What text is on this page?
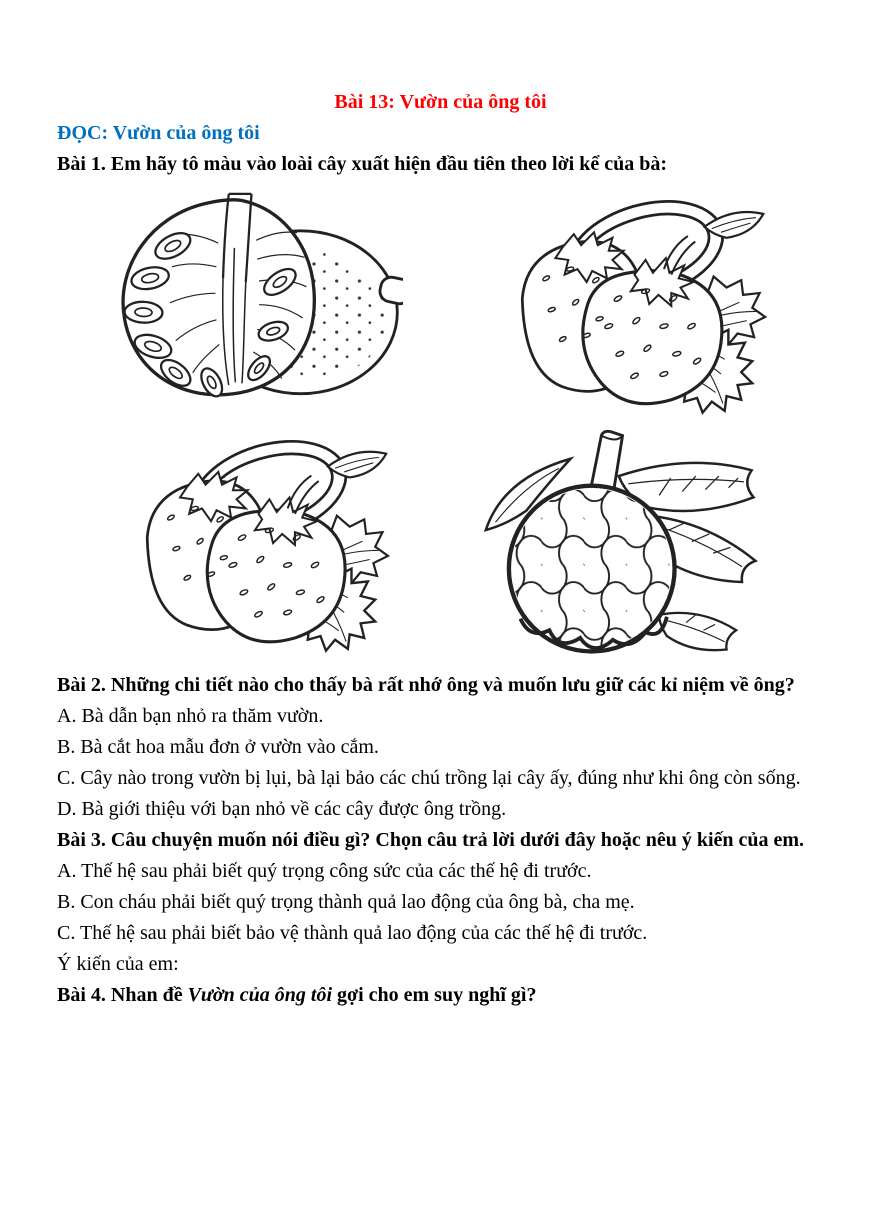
Bài 13: Vườn của ông tôi
ĐỌC: Vườn của ông tôi
Bài 1. Em hãy tô màu vào loài cây xuất hiện đầu tiên theo lời kể của bà:
Bài 2. Những chi tiết nào cho thấy bà rất nhớ ông và muốn lưu giữ các kỉ niệm về ông?
A. Bà dẫn bạn nhỏ ra thăm vườn.
B. Bà cắt hoa mẫu đơn ở vườn vào cắm.
C. Cây nào trong vườn bị lụi, bà lại bảo các chú trồng lại cây ấy, đúng như khi ông còn sống.
D. Bà giới thiệu với bạn nhỏ về các cây được ông trồng.
Bài 3. Câu chuyện muốn nói điều gì? Chọn câu trả lời dưới đây hoặc nêu ý kiến của em.
A. Thế hệ sau phải biết quý trọng công sức của các thế hệ đi trước.
B. Con cháu phải biết quý trọng thành quả lao động của ông bà, cha mẹ.
C. Thế hệ sau phải biết bảo vệ thành quả lao động của các thế hệ đi trước.
Ý kiến của em:
Bài 4. Nhan đề Vườn của ông tôi gợi cho em suy nghĩ gì?
